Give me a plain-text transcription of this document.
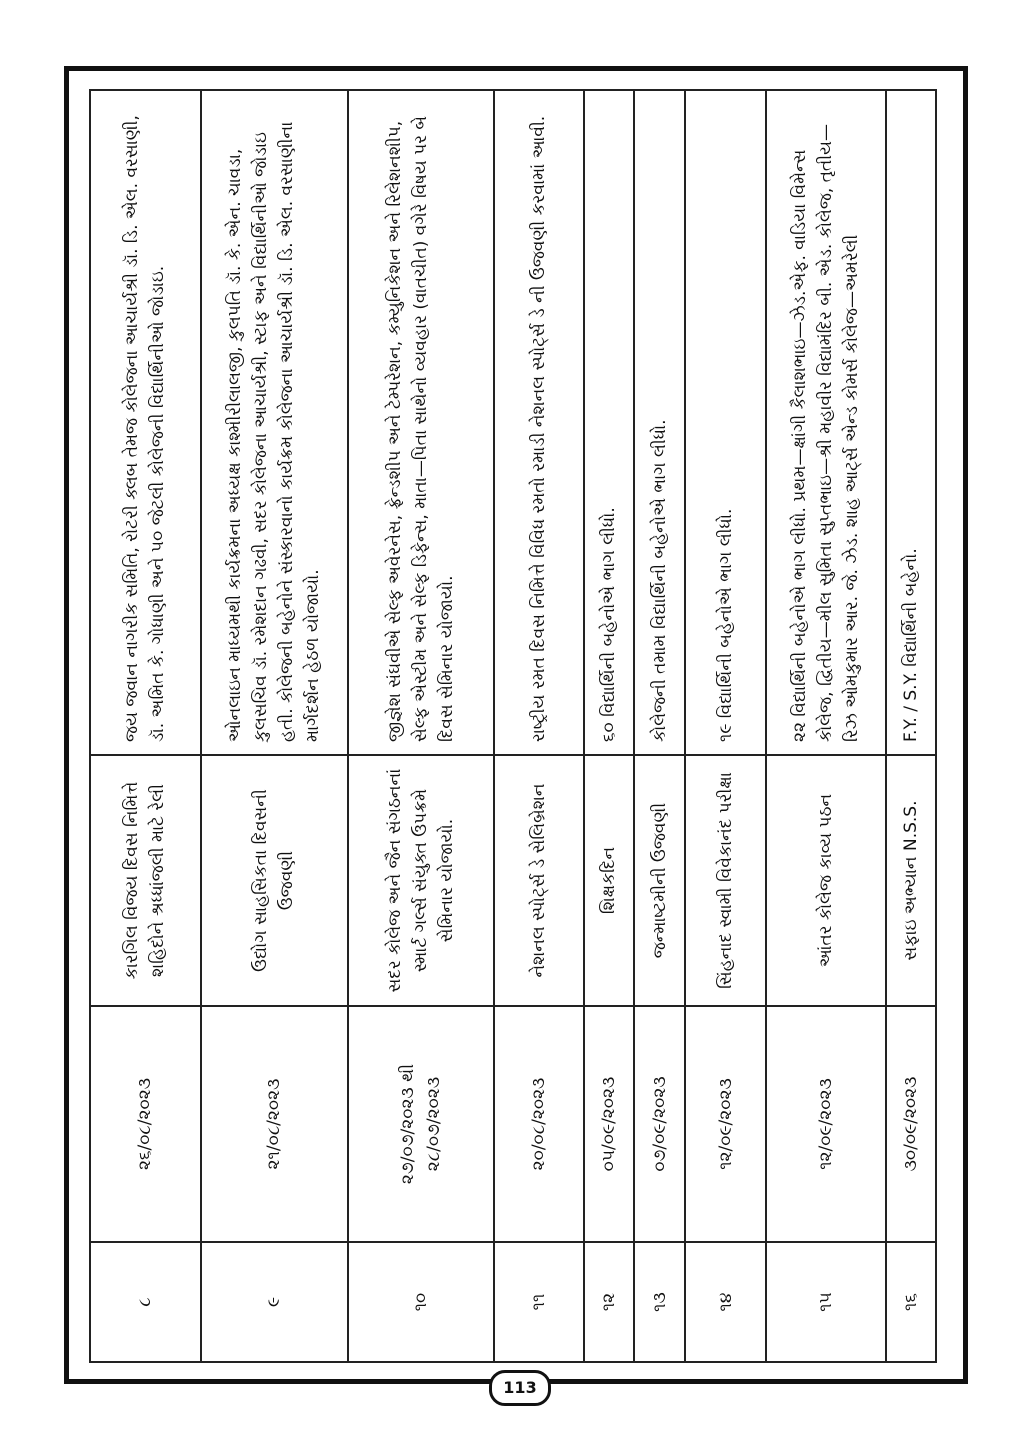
૮	૨૬/૦૮/૨૦૨૩	કારગિલ વિજય દિવસ નિમિત્તે શહિદોને શ્રધ્ધાંજલી માટે રેલી	જય જવાન નાગરીક સમિતિ, રોટરી ક્લબ તેમજ કોલેજના આચાર્યશ્રી ડૉ. ડિ. એલ. વરસાણી, ડૉ. અમિત કે. ગોધાણી અને ૫૦ જેટલી કોલેજની વિદ્યાર્થિનીઓ જોડાઇ.
૯	૨૧/૦૮/૨૦૨૩	ઉદ્યોગ સાહસિકતા દિવસની ઉજવણી	ઓનલાઇન માધ્યમથી કાર્યક્રમના અધ્યક્ષ કાશ્મીરીલાલજી, કુલપતિ ડૉ. કે. એન. ચાવડા, કુલસચિવ ડૉ. રમેશદાન ગઢવી, સદર કોલેજના આચાર્યશ્રી, સ્ટાફ અને વિદ્યાર્થિનીઓ જોડાઇ હતી. કોલેજની બહેનોને સંસ્કારવાનો કાર્યક્રમ કોલેજના આચાર્યશ્રી ડૉ. ડિ. એલ. વરસાણીના માર્ગદર્શન હેઠળ યોજાયો.
૧૦	૨૭/૦૭/૨૦૨૩ થી ૨૮/૦૭/૨૦૨૩	સદર કોલેજ અને જૈન સંગઠનનાં સ્માર્ટ ગર્લ્સ સંયુક્ત ઉપક્રમે સેમિનાર યોજાયો.	જીજ્ઞેશ સંઘવીએ સેલ્ફ અવેરનેસ, ફ્રેન્ડશીપ અને ટેમ્પરેશન, કમ્યુનિકેશન અને રિલેશનશીપ, સેલ્ફ એસ્ટીમ અને સેલ્ફ ડિફેન્સ, માતા—પિતા સાથેનો વ્યવહાર (વાતચીત) વગેરે વિષય પર બે દિવસ સેમિનાર યોજાયો.
૧૧	૨૦/૦૮/૨૦૨૩	નેશનલ સ્પોર્ટ્સ ડે સેલિબ્રેશન	રાષ્ટ્રીય રમત દિવસ નિમિત્તે વિવિધ રમતો રમાડી નેશનલ સ્પોર્ટ્સ ડે ની ઉજવણી કરવામાં આવી.
૧૨	૦૫/૦૯/૨૦૨૩	શિક્ષકદિન	૬૦ વિદ્યાર્થિની બહેનોએ ભાગ લીધો.
૧૩	૦૭/૦૯/૨૦૨૩	જન્માષ્ટમીની ઉજવણી	કોલેજની તમામ વિદ્યાર્થિની બહેનોએ ભાગ લીધો.
૧૪	૧૨/૦૯/૨૦૨૩	સિંહનાદ સ્વામી વિવેકાનંદ પરીક્ષા	૧૯ વિદ્યાર્થિની બહેનોએ ભાગ લીધો.
૧૫	૧૨/૦૯/૨૦૨૩	આંતર કોલેજ કાવ્ય પઠન	૨૨ વિદ્યાર્થિની બહેનોએ ભાગ લીધો. પ્રથમ—ક્ષાંગી કૈલાશભાઇ—ઝેડ.એફ. વાડિયા વિમેન્સ કોલેજ, દ્વિતીય—મીલ સુમિતા સુપ્તભાઇ—શ્રી મહાવીર વિદ્યામંદિર બી. એડ. કોલેજ, તૃતીય—રિઝ ઓમકુમાર આર. જે. ઝેડ. શાહ આર્ટ્સ એન્ડ કોમર્સ કોલેજ—અમરેલી
૧૬	૩૦/૦૯/૨૦૨૩	સફાઇ અભ્યાન N.S.S.	F.Y. / S.Y. વિદ્યાર્થિની બહેનો.
113
